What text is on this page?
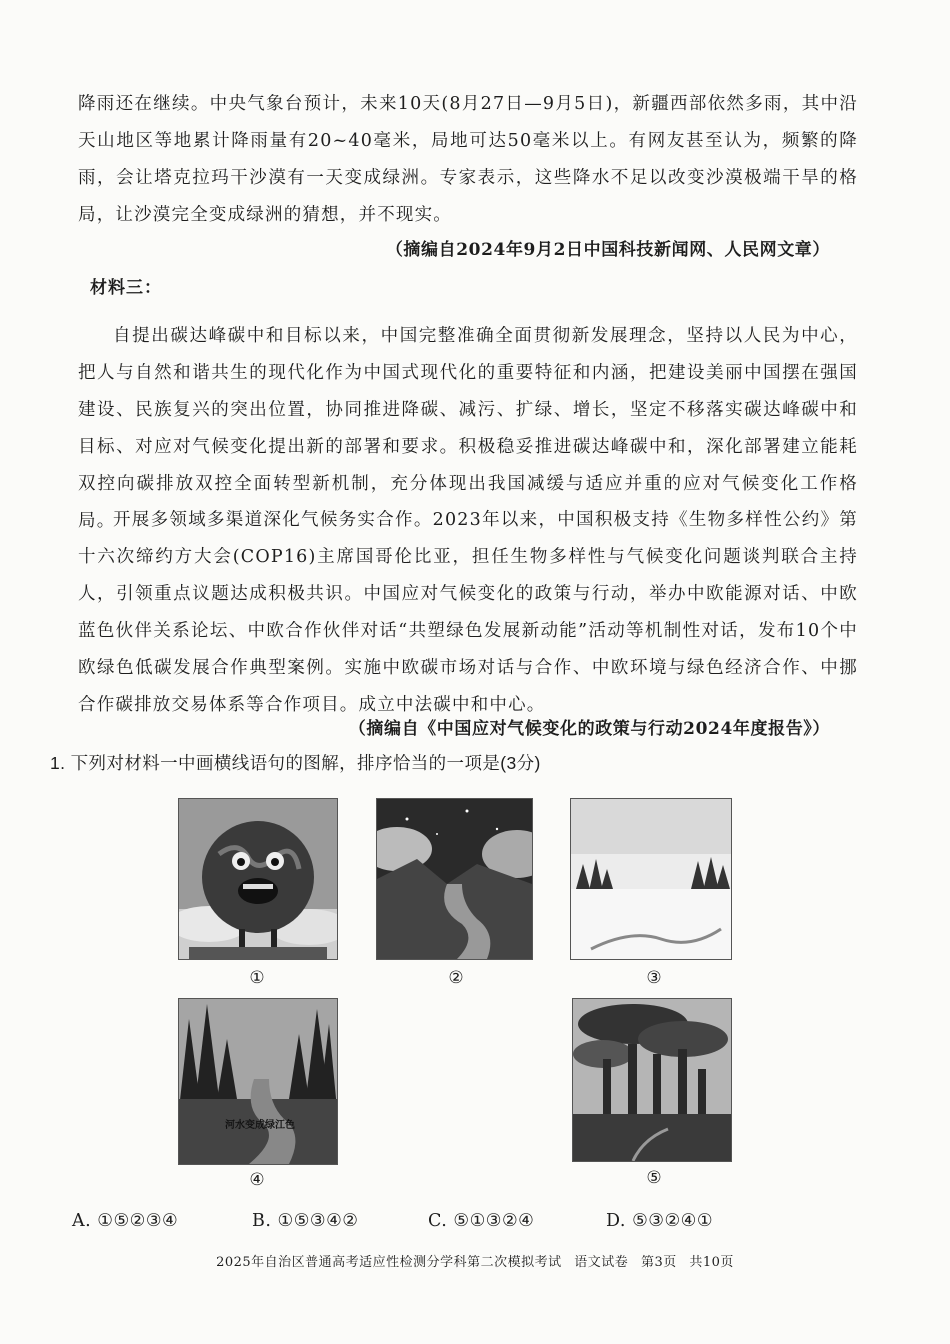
降雨还在继续。中央气象台预计，未来10天(8月27日—9月5日)，新疆西部依然多雨，其中沿天山地区等地累计降雨量有20~40毫米，局地可达50毫米以上。有网友甚至认为，频繁的降雨，会让塔克拉玛干沙漠有一天变成绿洲。专家表示，这些降水不足以改变沙漠极端干旱的格局，让沙漠完全变成绿洲的猜想，并不现实。
（摘编自2024年9月2日中国科技新闻网、人民网文章）
材料三：
自提出碳达峰碳中和目标以来，中国完整准确全面贯彻新发展理念，坚持以人民为中心，把人与自然和谐共生的现代化作为中国式现代化的重要特征和内涵，把建设美丽中国摆在强国建设、民族复兴的突出位置，协同推进降碳、减污、扩绿、增长，坚定不移落实碳达峰碳中和目标、对应对气候变化提出新的部署和要求。积极稳妥推进碳达峰碳中和，深化部署建立能耗双控向碳排放双控全面转型新机制，充分体现出我国减缓与适应并重的应对气候变化工作格局。
开展多领域多渠道深化气候务实合作。2023年以来，中国积极支持《生物多样性公约》第十六次缔约方大会(COP16)主席国哥伦比亚，担任生物多样性与气候变化问题谈判联合主持人，引领重点议题达成积极共识。中国应对气候变化的政策与行动，举办中欧能源对话、中欧蓝色伙伴关系论坛、中欧合作伙伴对话“共塑绿色发展新动能”活动等机制性对话，发布10个中欧绿色低碳发展合作典型案例。实施中欧碳市场对话与合作、中欧环境与绿色经济合作、中挪合作碳排放交易体系等合作项目。成立中法碳中和中心。
（摘编自《中国应对气候变化的政策与行动2024年度报告》）
1. 下列对材料一中画横线语句的图解，排序恰当的一项是(3分)
①	②	③
河水变成绿江色
④	⑤
A. ①⑤②③④	B. ①⑤③④②	C. ⑤①③②④	D. ⑤③②④①
2025年自治区普通高考适应性检测分学科第二次模拟考试 语文试卷 第3页 共10页
